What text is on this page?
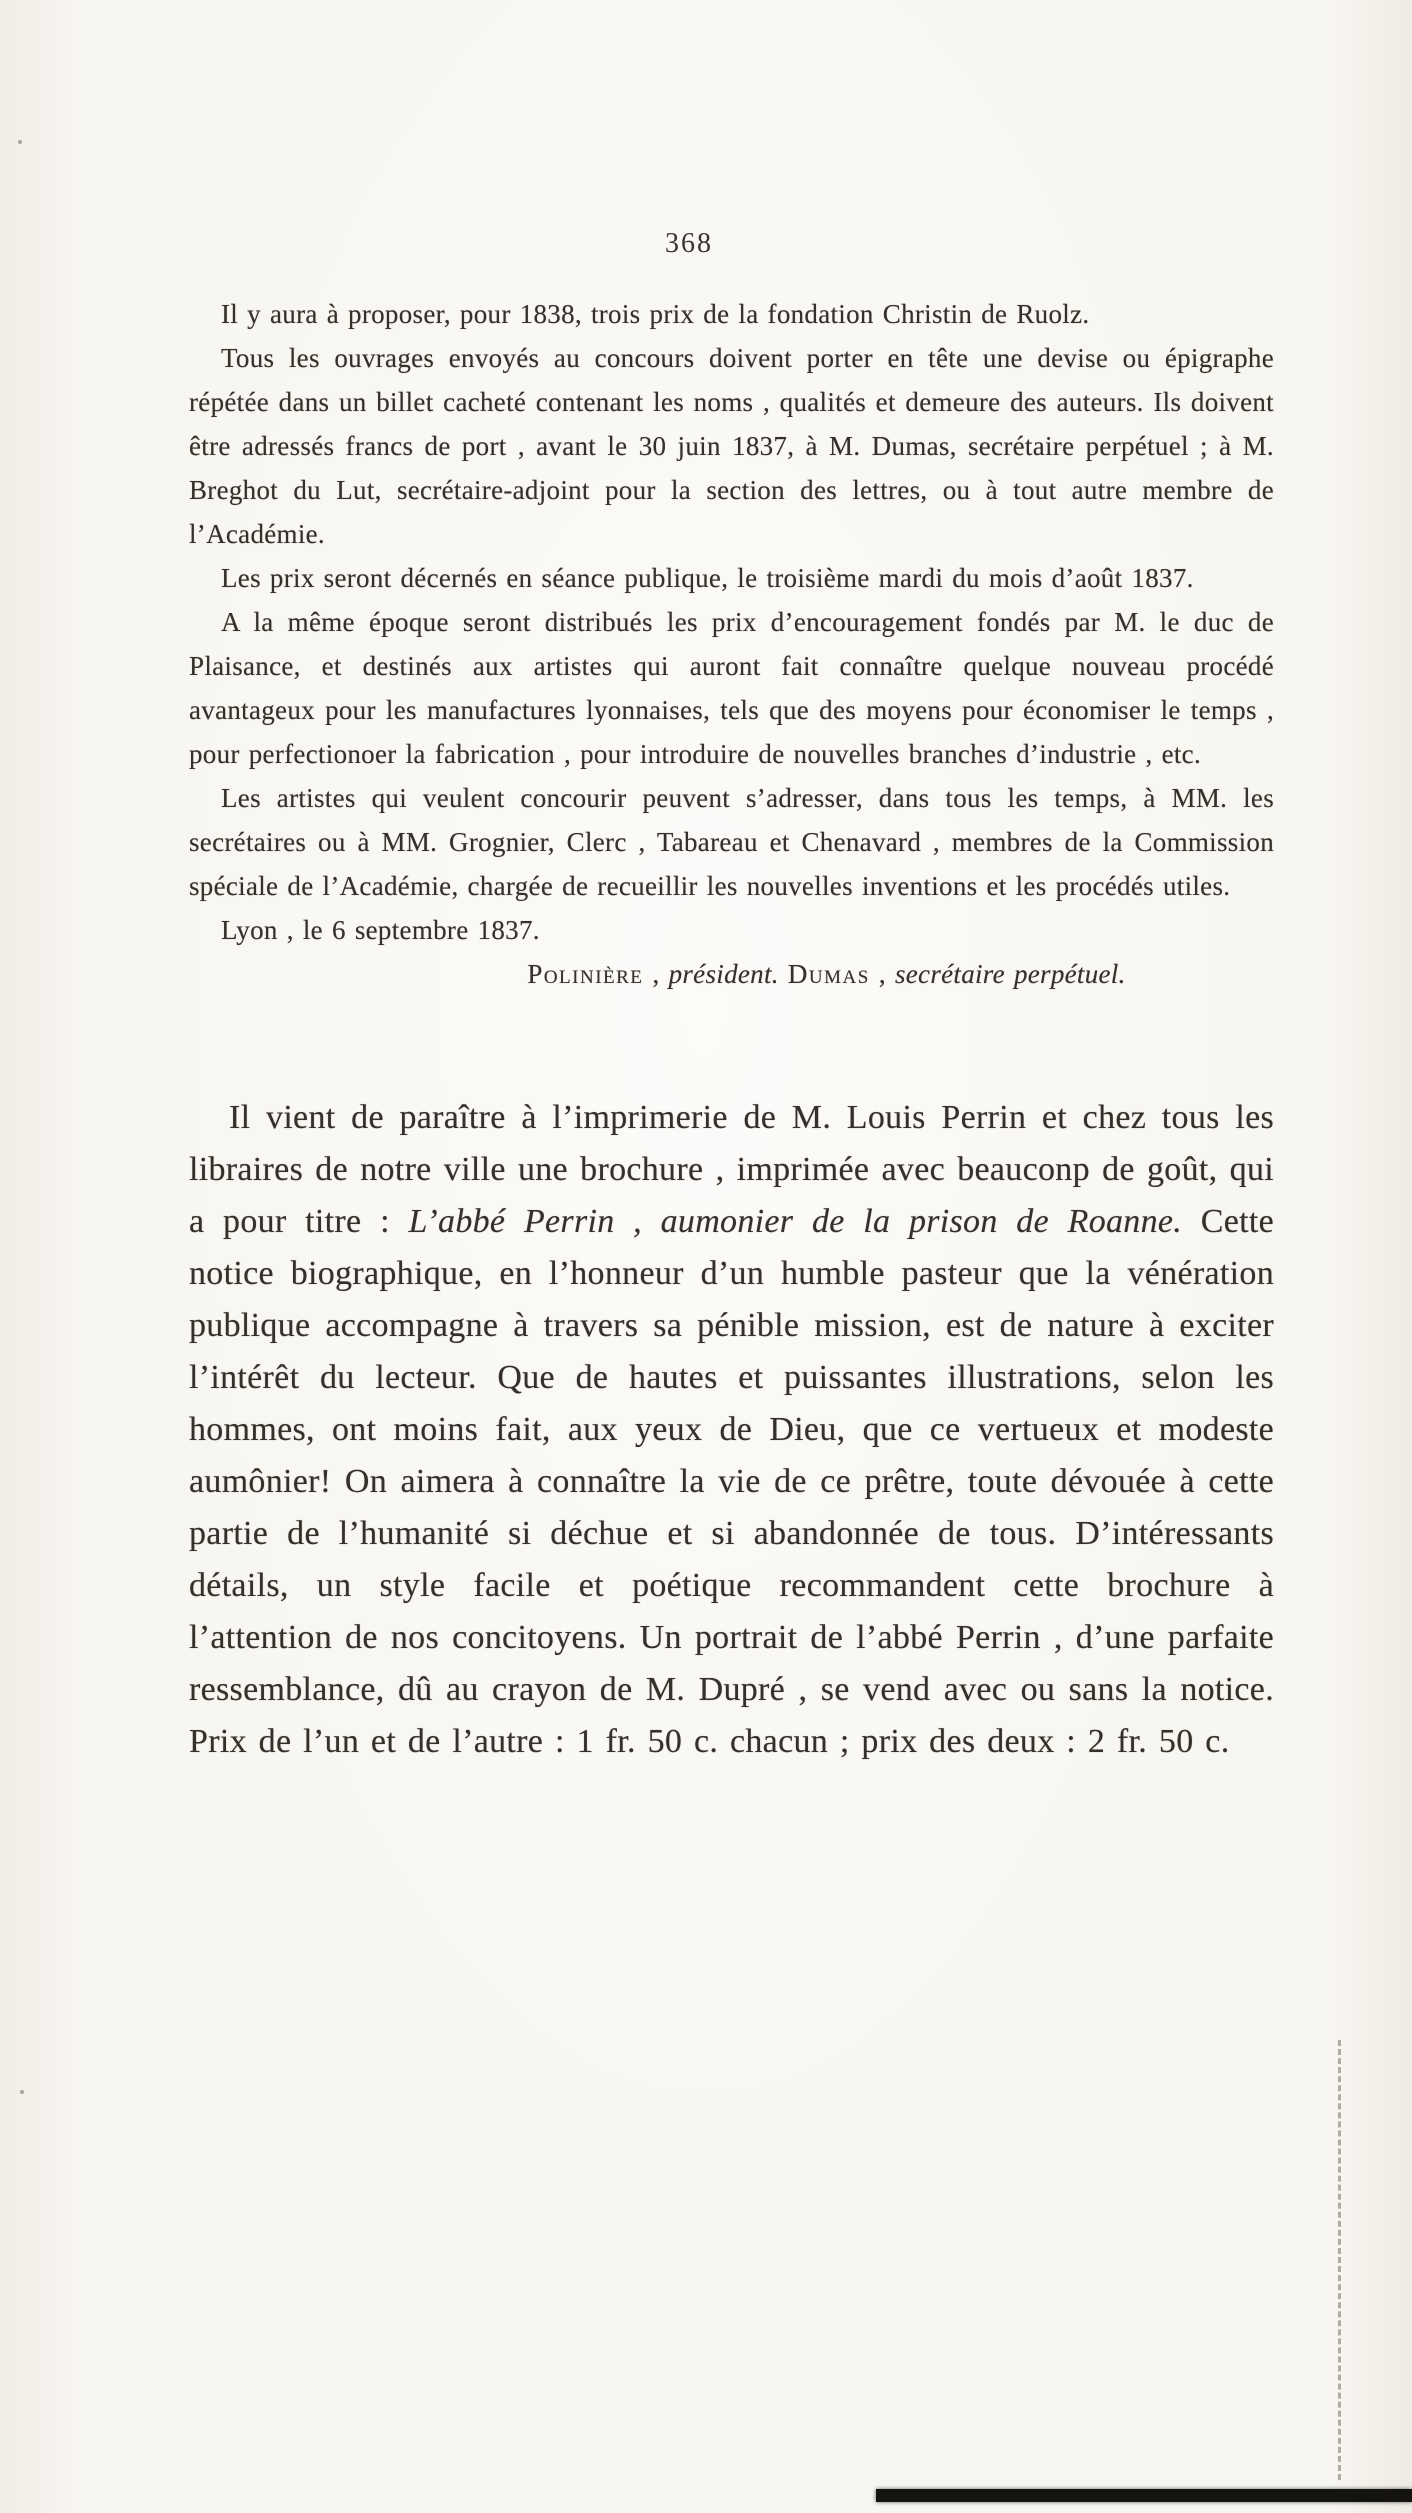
368

Il y aura à proposer, pour 1838, trois prix de la fondation Christin de Ruolz.

Tous les ouvrages envoyés au concours doivent porter en tête une devise ou épigraphe répétée dans un billet cacheté contenant les noms , qualités et demeure des auteurs. Ils doivent être adressés francs de port , avant le 30 juin 1837, à M. Dumas, secrétaire perpétuel ; à M. Breghot du Lut, secrétaire-adjoint pour la section des lettres, ou à tout autre membre de l’Académie.

Les prix seront décernés en séance publique, le troisième mardi du mois d’août 1837.

A la même époque seront distribués les prix d’encouragement fondés par M. le duc de Plaisance, et destinés aux artistes qui auront fait connaître quelque nouveau procédé avantageux pour les manufactures lyonnaises, tels que des moyens pour économiser le temps , pour perfectionoer la fabrication , pour introduire de nouvelles branches d’industrie , etc.

Les artistes qui veulent concourir peuvent s’adresser, dans tous les temps, à MM. les secrétaires ou à MM. Grognier, Clerc , Tabareau et Chenavard , membres de la Commission spéciale de l’Académie, chargée de recueillir les nouvelles inventions et les procédés utiles.

Lyon , le 6 septembre 1837.

Polinière , président. Dumas , secrétaire perpétuel.

Il vient de paraître à l’imprimerie de M. Louis Perrin et chez tous les libraires de notre ville une brochure , imprimée avec beauconp de goût, qui a pour titre : L’abbé Perrin , aumonier de la prison de Roanne. Cette notice biographique, en l’honneur d’un humble pasteur que la vénération publique accompagne à travers sa pénible mission, est de nature à exciter l’intérêt du lecteur. Que de hautes et puissantes illustrations, selon les hommes, ont moins fait, aux yeux de Dieu, que ce vertueux et modeste aumônier! On aimera à connaître la vie de ce prêtre, toute dévouée à cette partie de l’humanité si déchue et si abandonnée de tous. D’intéressants détails, un style facile et poétique recommandent cette brochure à l’attention de nos concitoyens. Un portrait de l’abbé Perrin , d’une parfaite ressemblance, dû au crayon de M. Dupré , se vend avec ou sans la notice. Prix de l’un et de l’autre : 1 fr. 50 c. chacun ; prix des deux : 2 fr. 50 c.
